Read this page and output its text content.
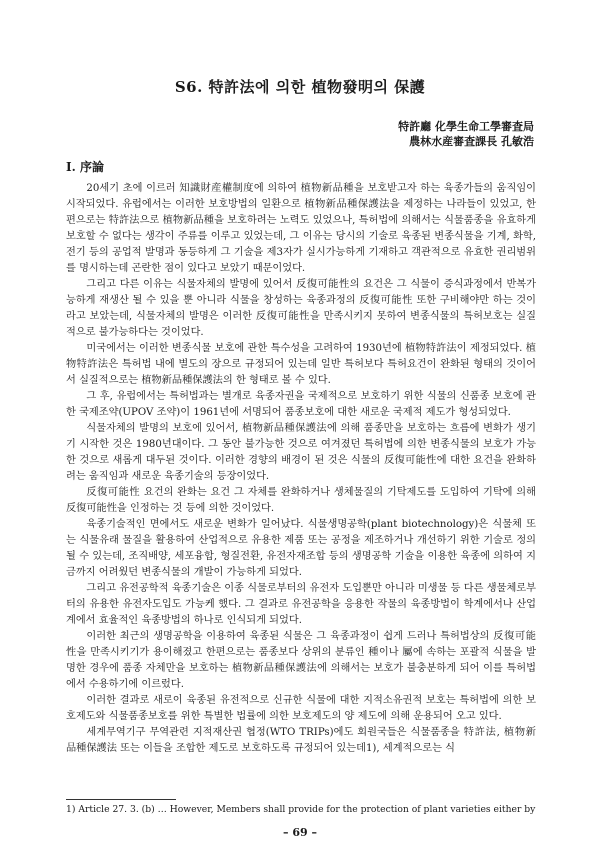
S6. 特許法에 의한 植物發明의 保護
特許廳 化學生命工學審査局
農林水産審査課長 孔敏浩
Ⅰ. 序論

20세기 초에 이르러 知識財産權制度에 의하여 植物新品種을 보호받고자 하는 육종가들의 움직임이 시작되었다. 유럽에서는 이러한 보호방법의 일환으로 植物新品種保護法을 제정하는 나라들이 있었고, 한편으로는 特許法으로 植物新品種을 보호하려는 노력도 있었으나, 특허법에 의해서는 식물품종을 유효하게 보호할 수 없다는 생각이 주류를 이루고 있었는데, 그 이유는 당시의 기술로 육종된 변종식물을 기계, 화학, 전기 등의 공업적 발명과 동등하게 그 기술을 제3자가 실시가능하게 기재하고 객관적으로 유효한 권리범위를 명시하는데 곤란한 점이 있다고 보았기 때문이었다.

그리고 다른 이유는 식물자체의 발명에 있어서 反復可能性의 요건은 그 식물이 증식과정에서 반복가능하게 재생산 될 수 있을 뿐 아니라 식물을 창성하는 육종과정의 反復可能性 또한 구비해야만 하는 것이라고 보았는데, 식물자체의 발명은 이러한 反復可能性을 만족시키지 못하여 변종식물의 특허보호는 실질적으로 불가능하다는 것이었다.

미국에서는 이러한 변종식물 보호에 관한 특수성을 고려하여 1930년에 植物特許法이 제정되었다. 植物特許法은 특허법 내에 별도의 장으로 규정되어 있는데 일반 특허보다 특허요건이 완화된 형태의 것이어서 실질적으로는 植物新品種保護法의 한 형태로 볼 수 있다.

그 후, 유럽에서는 특허법과는 별개로 육종자권을 국제적으로 보호하기 위한 식물의 신품종 보호에 관한 국제조약(UPOV 조약)이 1961년에 서명되어 품종보호에 대한 새로운 국제적 제도가 형성되었다.

식물자체의 발명의 보호에 있어서, 植物新品種保護法에 의해 품종만을 보호하는 흐름에 변화가 생기기 시작한 것은 1980년대이다. 그 동안 불가능한 것으로 여겨졌던 특허법에 의한 변종식물의 보호가 가능한 것으로 새롭게 대두된 것이다. 이러한 경향의 배경이 된 것은 식물의 反復可能性에 대한 요건을 완화하려는 움직임과 새로운 육종기술의 등장이었다.

反復可能性 요건의 완화는 요건 그 자체를 완화하거나 생체물질의 기탁제도를 도입하여 기탁에 의해 反復可能性을 인정하는 것 등에 의한 것이었다.

육종기술적인 면에서도 새로운 변화가 일어났다. 식물생명공학(plant biotechnology)은 식물체 또는 식물유래 물질을 활용하여 산업적으로 유용한 제품 또는 공정을 제조하거나 개선하기 위한 기술로 정의될 수 있는데, 조직배양, 세포융합, 형질전환, 유전자재조합 등의 생명공학 기술을 이용한 육종에 의하여 지금까지 어려웠던 변종식물의 개발이 가능하게 되었다.

그리고 유전공학적 육종기술은 이종 식물로부터의 유전자 도입뿐만 아니라 미생물 등 다른 생물체로부터의 유용한 유전자도입도 가능케 했다. 그 결과로 유전공학을 응용한 작물의 육종방법이 학계에서나 산업계에서 효율적인 육종방법의 하나로 인식되게 되었다.

이러한 최근의 생명공학을 이용하여 육종된 식물은 그 육종과정이 쉽게 드러나 특허법상의 反復可能性을 만족시키기가 용이해졌고 한편으로는 품종보다 상위의 분류인 種이나 屬에 속하는 포괄적 식물을 발명한 경우에 품종 자체만을 보호하는 植物新品種保護法에 의해서는 보호가 불충분하게 되어 이를 특허법에서 수용하기에 이르렀다.

이러한 결과로 새로이 육종된 유전적으로 신규한 식물에 대한 지적소유권적 보호는 특허법에 의한 보호제도와 식물품종보호를 위한 특별한 법률에 의한 보호제도의 양 제도에 의해 운용되어 오고 있다.

세계무역기구 무역관련 지적재산권 협정(WTO TRIPs)에도 회원국들은 식물품종을 特許法, 植物新品種保護法 또는 이들을 조합한 제도로 보호하도록 규정되어 있는데1), 세계적으로는 식

1) Article 27. 3. (b) … However, Members shall provide for the protection of plant varieties either by
– 69 –
